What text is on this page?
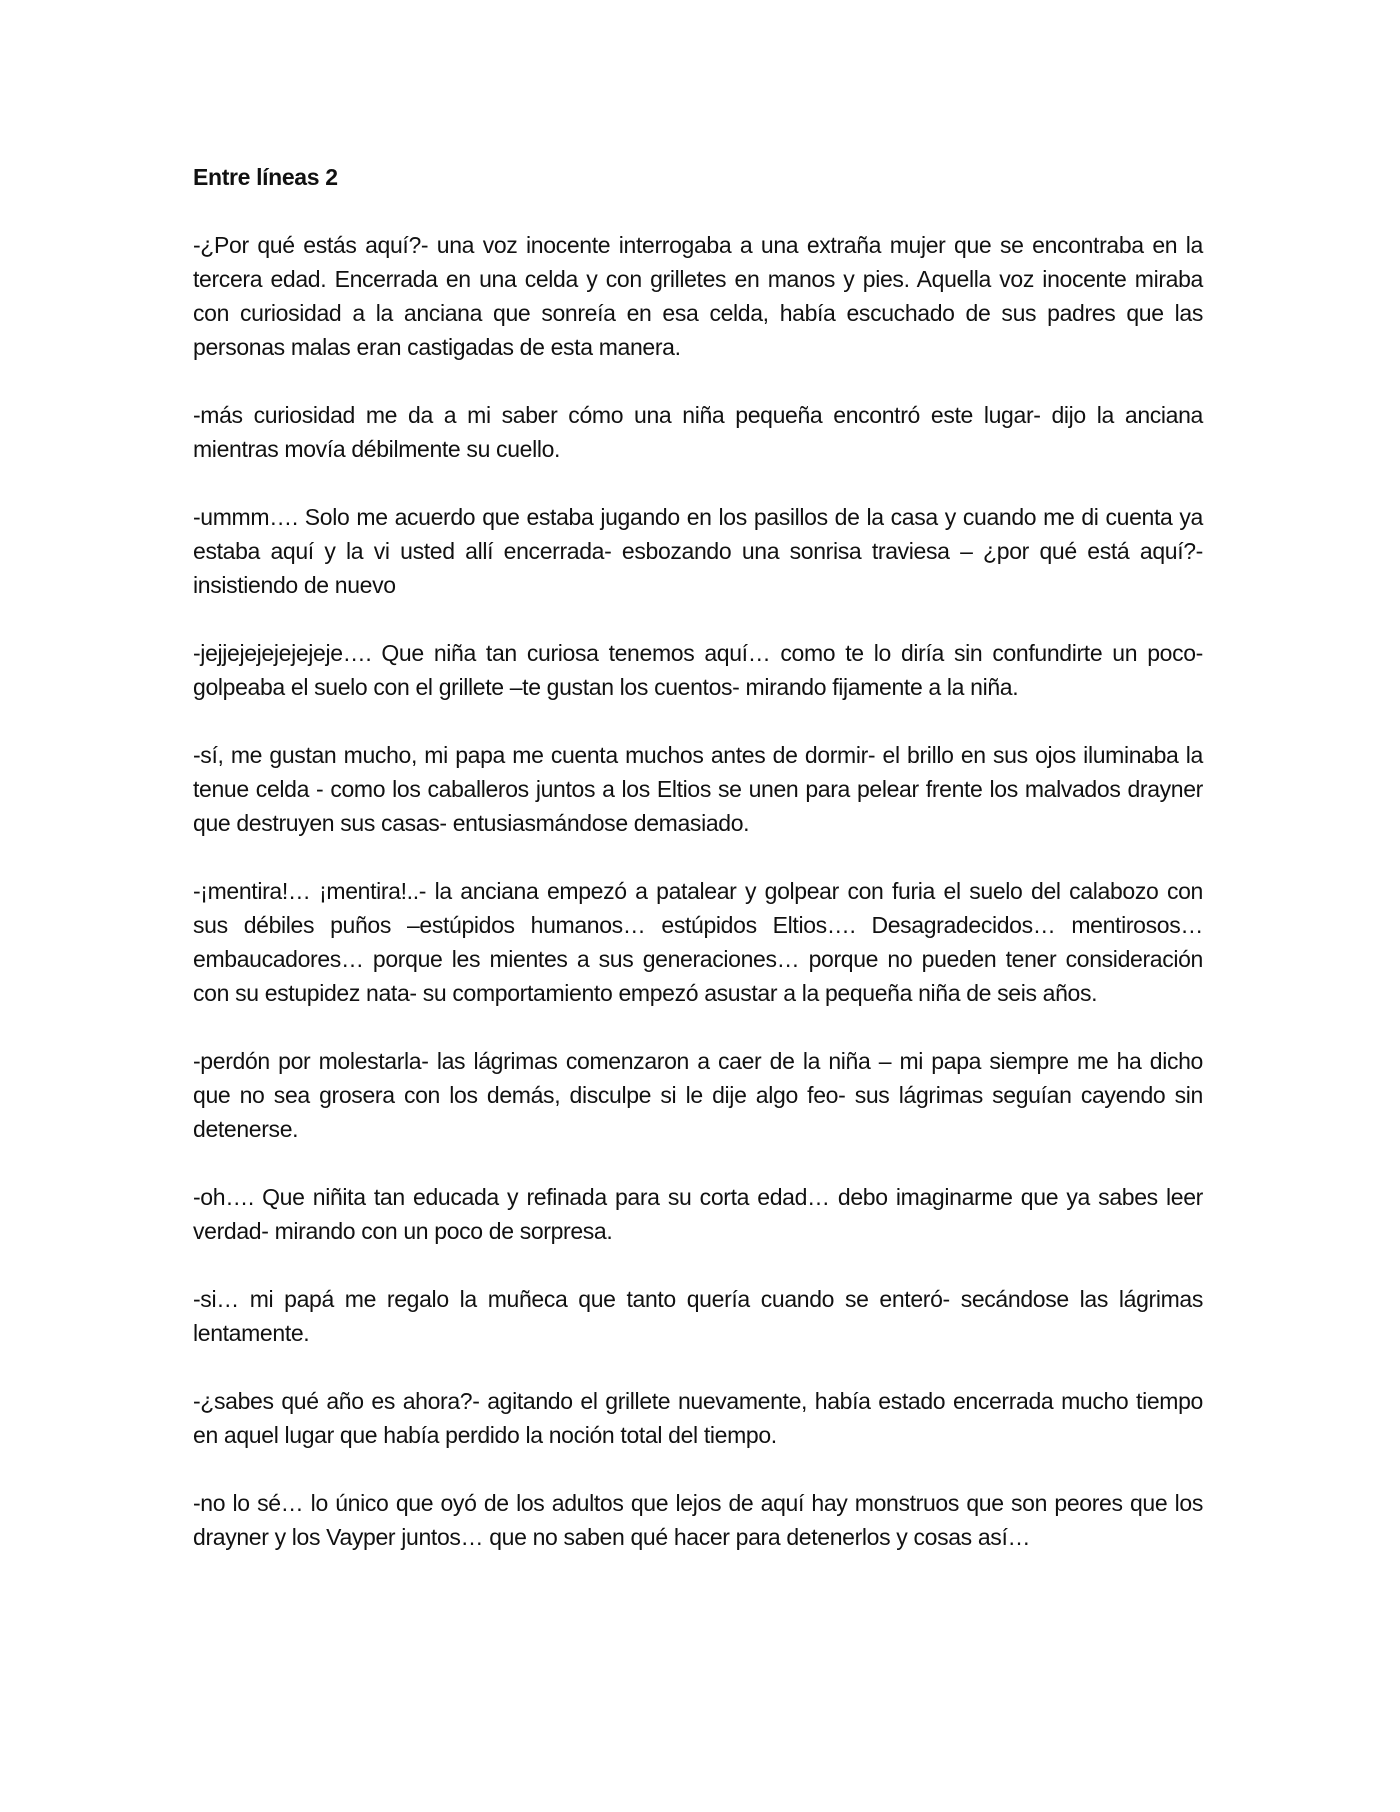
Entre líneas 2

-¿Por qué estás aquí?- una voz inocente interrogaba a una extraña mujer que se encontraba en la tercera edad. Encerrada en una celda y con grilletes en manos y pies. Aquella voz inocente miraba con curiosidad a la anciana que sonreía en esa celda, había escuchado de sus padres que las personas malas eran castigadas de esta manera.

-más curiosidad me da a mi saber cómo una niña pequeña encontró este lugar- dijo la anciana mientras movía débilmente su cuello.

-ummm…. Solo me acuerdo que estaba jugando en los pasillos de la casa y cuando me di cuenta ya estaba aquí y la vi usted allí encerrada- esbozando una sonrisa traviesa – ¿por qué está aquí?- insistiendo de nuevo

-jejjejejejejejeje…. Que niña tan curiosa tenemos aquí… como te lo diría sin confundirte un poco-golpeaba el suelo con el grillete –te gustan los cuentos- mirando fijamente a la niña.

-sí, me gustan mucho, mi papa me cuenta muchos antes de dormir- el brillo en sus ojos iluminaba la tenue celda - como los caballeros juntos a los Eltios se unen para pelear frente los malvados drayner que destruyen sus casas- entusiasmándose demasiado.

-¡mentira!… ¡mentira!..- la anciana empezó a patalear y golpear con furia el suelo del calabozo con sus débiles puños –estúpidos humanos… estúpidos Eltios…. Desagradecidos… mentirosos… embaucadores… porque les mientes a sus generaciones… porque no pueden tener consideración con su estupidez nata- su comportamiento empezó asustar a la pequeña niña de seis años.

-perdón por molestarla- las lágrimas comenzaron a caer de la niña – mi papa siempre me ha dicho que no sea grosera con los demás, disculpe si le dije algo feo- sus lágrimas seguían cayendo sin detenerse.

-oh…. Que niñita tan educada y refinada para su corta edad… debo imaginarme que ya sabes leer verdad- mirando con un poco de sorpresa.

-si… mi papá me regalo la muñeca que tanto quería cuando se enteró- secándose las lágrimas lentamente.

-¿sabes qué año es ahora?- agitando el grillete nuevamente, había estado encerrada mucho tiempo en aquel lugar que había perdido la noción total del tiempo.

-no lo sé… lo único que oyó de los adultos que lejos de aquí hay monstruos que son peores que los drayner y los Vayper juntos… que no saben qué hacer para detenerlos y cosas así…
